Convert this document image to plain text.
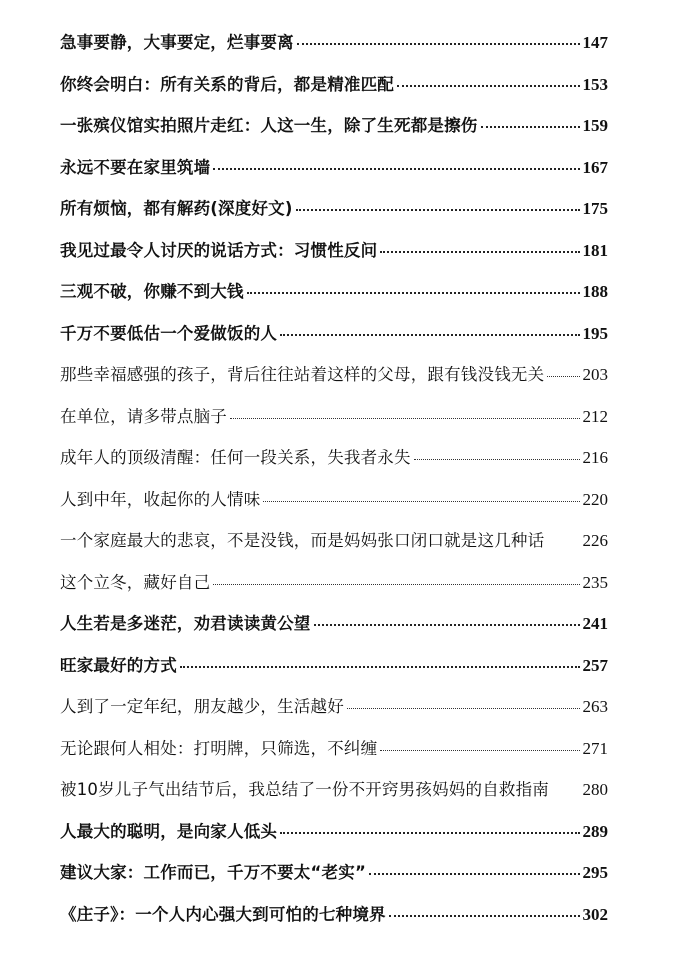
急事要静，大事要定，烂事要离	147
你终会明白：所有关系的背后，都是精准匹配	153
一张殡仪馆实拍照片走红：人这一生，除了生死都是擦伤	159
永远不要在家里筑墙	167
所有烦恼，都有解药(深度好文)	175
我见过最令人讨厌的说话方式：习惯性反问	181
三观不破，你赚不到大钱	188
千万不要低估一个爱做饭的人	195
那些幸福感强的孩子，背后往往站着这样的父母，跟有钱没钱无关 203
在单位，请多带点脑子	212
成年人的顶级清醒：任何一段关系，失我者永失	216
人到中年，收起你的人情味	220
一个家庭最大的悲哀，不是没钱，而是妈妈张口闭口就是这几种话 226
这个立冬，藏好自己	235
人生若是多迷茫，劝君读读黄公望	241
旺家最好的方式	257
人到了一定年纪，朋友越少，生活越好	263
无论跟何人相处：打明牌，只筛选，不纠缠	271
被10岁儿子气出结节后，我总结了一份不开窍男孩妈妈的自救指南 280
人最大的聪明，是向家人低头	289
建议大家：工作而已，千万不要太“老实”	295
《庄子》：一个人内心强大到可怕的七种境界	302
